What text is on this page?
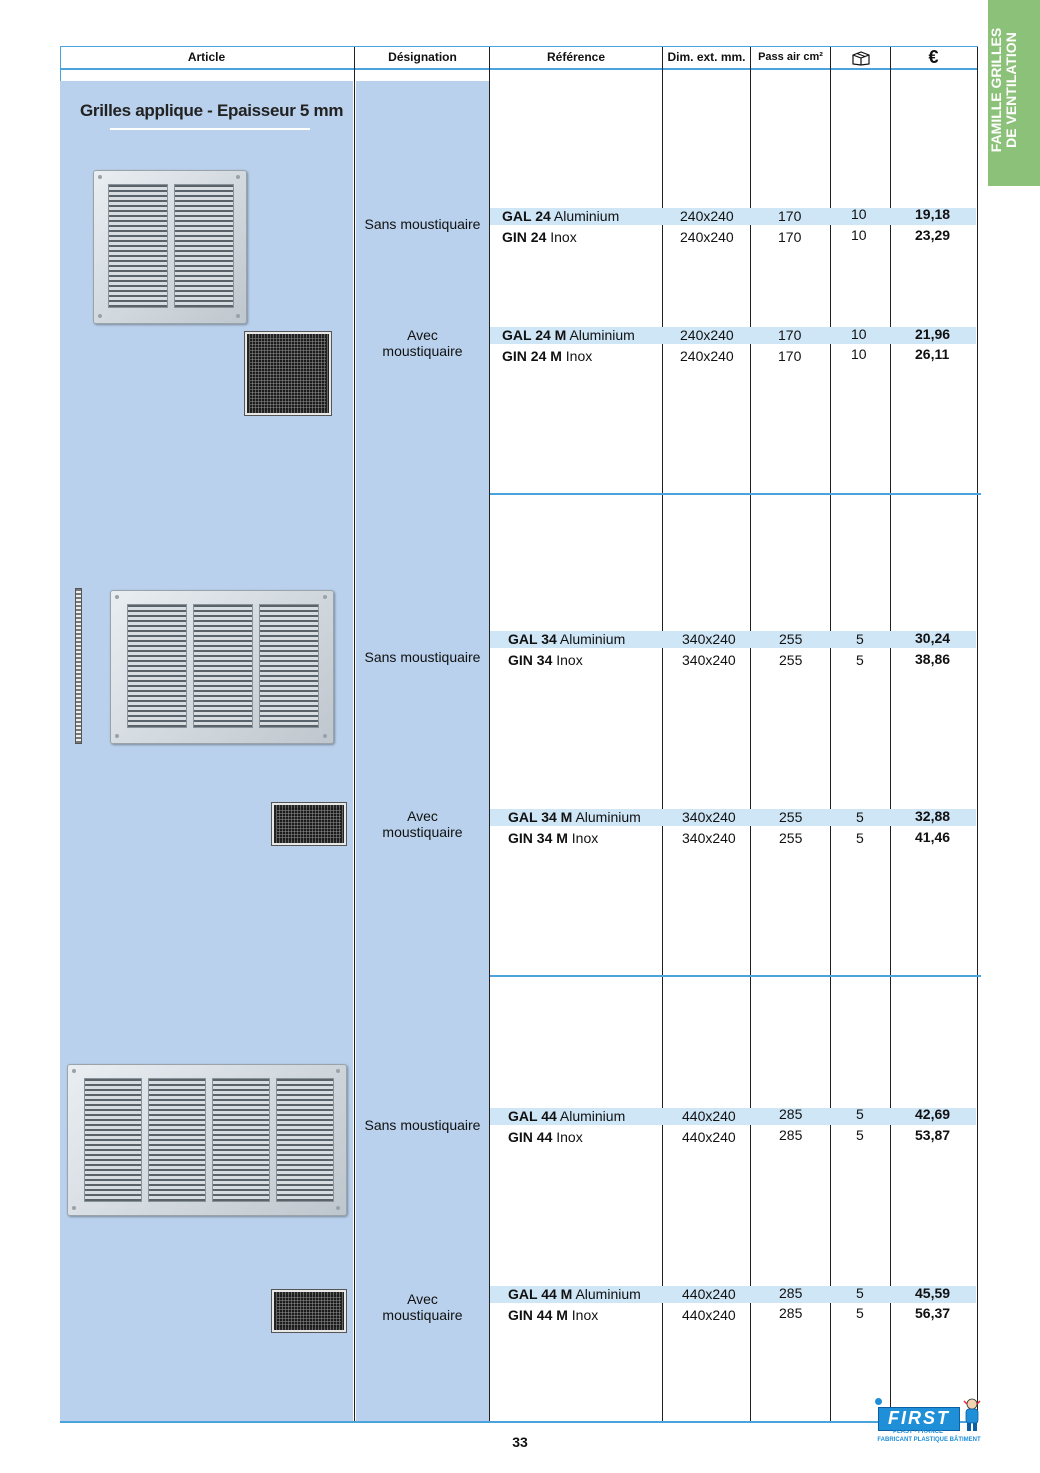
FAMILLE GRILLES DE VENTILATION
Article	Désignation	Référence	Dim. ext. mm.	Pass air cm²	€
Grilles applique - Epaisseur 5 mm
Sans moustiquaire	GAL 24 Aluminium	240x240	170	10	19,18
GIN 24 Inox	240x240	170	10	23,29
Avec
moustiquaire
GAL 24 M Aluminium	240x240	170	10	21,96
GIN 24 M Inox	240x240	170	10	26,11
Sans moustiquaire
GAL 34 Aluminium	340x240	255	5	30,24
GIN 34 Inox	340x240	255	5	38,86
Avec
moustiquaire
GAL 34 M Aluminium	340x240	255	5	32,88
GIN 34 M Inox	340x240	255	5	41,46
Sans moustiquaire
GAL 44 Aluminium	440x240	285	5	42,69
GIN 44 Inox	440x240	285	5	53,87
Avec
moustiquaire
GAL 44 M Aluminium	440x240	285	5	45,59
GIN 44 M Inox	440x240	285	5	56,37
33
FIRST
PLAST - FRANCE
FABRICANT PLASTIQUE BÂTIMENT
